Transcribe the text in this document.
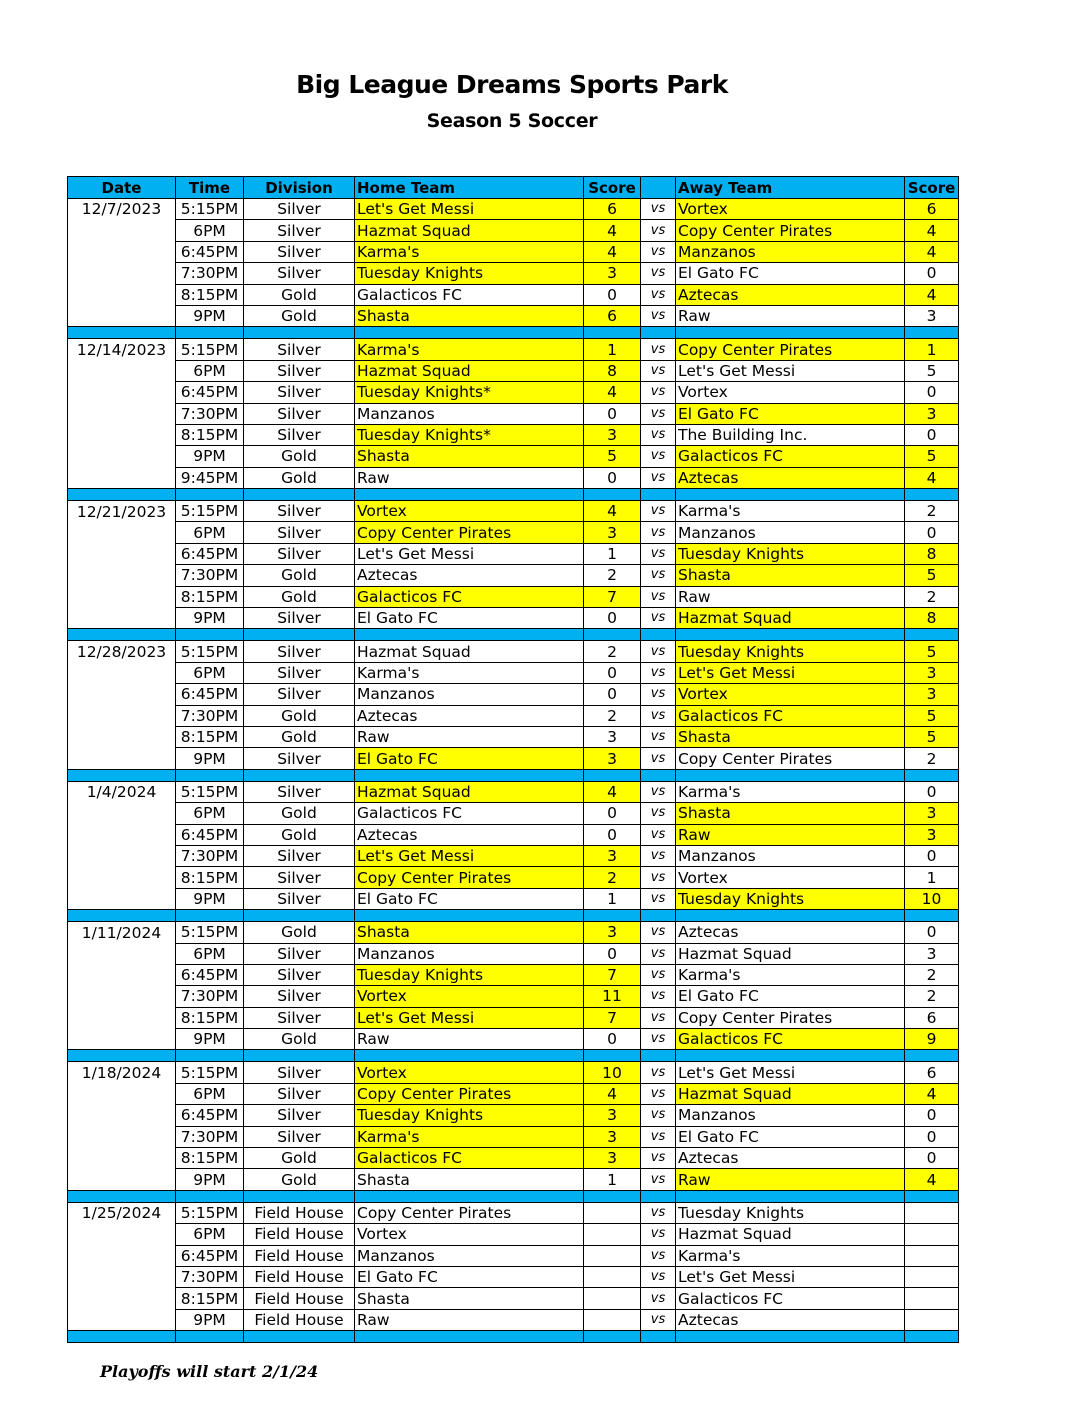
Big League Dreams Sports Park
Season 5 Soccer
Date	Time	Division	Home Team	Score		Away Team	Score
12/7/2023	5:15PM	Silver	Let's Get Messi	6	vs	Vortex	6
	6PM	Silver	Hazmat Squad	4	vs	Copy Center Pirates	4
	6:45PM	Silver	Karma's	4	vs	Manzanos	4
	7:30PM	Silver	Tuesday Knights	3	vs	El Gato FC	0
	8:15PM	Gold	Galacticos FC	0	vs	Aztecas	4
	9PM	Gold	Shasta	6	vs	Raw	3

12/14/2023	5:15PM	Silver	Karma's	1	vs	Copy Center Pirates	1
	6PM	Silver	Hazmat Squad	8	vs	Let's Get Messi	5
	6:45PM	Silver	Tuesday Knights*	4	vs	Vortex	0
	7:30PM	Silver	Manzanos	0	vs	El Gato FC	3
	8:15PM	Silver	Tuesday Knights*	3	vs	The Building Inc.	0
	9PM	Gold	Shasta	5	vs	Galacticos FC	5
	9:45PM	Gold	Raw	0	vs	Aztecas	4

12/21/2023	5:15PM	Silver	Vortex	4	vs	Karma's	2
	6PM	Silver	Copy Center Pirates	3	vs	Manzanos	0
	6:45PM	Silver	Let's Get Messi	1	vs	Tuesday Knights	8
	7:30PM	Gold	Aztecas	2	vs	Shasta	5
	8:15PM	Gold	Galacticos FC	7	vs	Raw	2
	9PM	Silver	El Gato FC	0	vs	Hazmat Squad	8

12/28/2023	5:15PM	Silver	Hazmat Squad	2	vs	Tuesday Knights	5
	6PM	Silver	Karma's	0	vs	Let's Get Messi	3
	6:45PM	Silver	Manzanos	0	vs	Vortex	3
	7:30PM	Gold	Aztecas	2	vs	Galacticos FC	5
	8:15PM	Gold	Raw	3	vs	Shasta	5
	9PM	Silver	El Gato FC	3	vs	Copy Center Pirates	2

1/4/2024	5:15PM	Silver	Hazmat Squad	4	vs	Karma's	0
	6PM	Gold	Galacticos FC	0	vs	Shasta	3
	6:45PM	Gold	Aztecas	0	vs	Raw	3
	7:30PM	Silver	Let's Get Messi	3	vs	Manzanos	0
	8:15PM	Silver	Copy Center Pirates	2	vs	Vortex	1
	9PM	Silver	El Gato FC	1	vs	Tuesday Knights	10

1/11/2024	5:15PM	Gold	Shasta	3	vs	Aztecas	0
	6PM	Silver	Manzanos	0	vs	Hazmat Squad	3
	6:45PM	Silver	Tuesday Knights	7	vs	Karma's	2
	7:30PM	Silver	Vortex	11	vs	El Gato FC	2
	8:15PM	Silver	Let's Get Messi	7	vs	Copy Center Pirates	6
	9PM	Gold	Raw	0	vs	Galacticos FC	9

1/18/2024	5:15PM	Silver	Vortex	10	vs	Let's Get Messi	6
	6PM	Silver	Copy Center Pirates	4	vs	Hazmat Squad	4
	6:45PM	Silver	Tuesday Knights	3	vs	Manzanos	0
	7:30PM	Silver	Karma's	3	vs	El Gato FC	0
	8:15PM	Gold	Galacticos FC	3	vs	Aztecas	0
	9PM	Gold	Shasta	1	vs	Raw	4

1/25/2024	5:15PM	Field House	Copy Center Pirates		vs	Tuesday Knights	
	6PM	Field House	Vortex		vs	Hazmat Squad	
	6:45PM	Field House	Manzanos		vs	Karma's	
	7:30PM	Field House	El Gato FC		vs	Let's Get Messi	
	8:15PM	Field House	Shasta		vs	Galacticos FC	
	9PM	Field House	Raw		vs	Aztecas	

Playoffs will start 2/1/24
